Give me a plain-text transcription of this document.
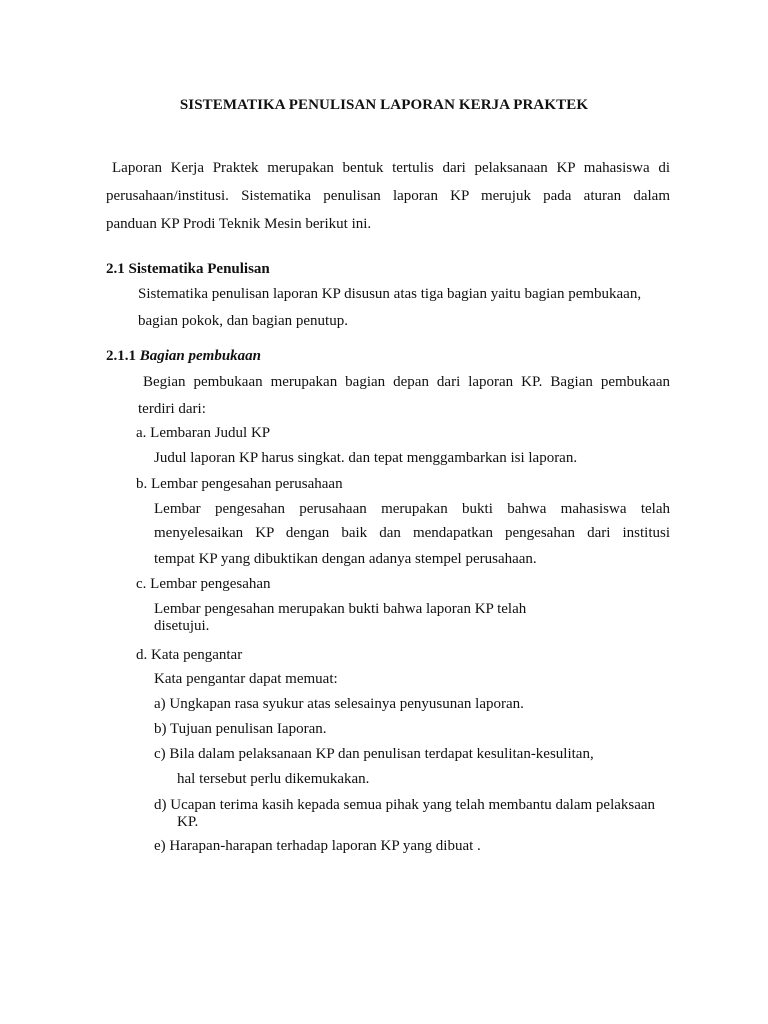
SISTEMATIKA PENULISAN LAPORAN KERJA PRAKTEK
Laporan Kerja Praktek merupakan bentuk tertulis dari pelaksanaan KP mahasiswa di
perusahaan/institusi. Sistematika penulisan laporan KP merujuk pada aturan dalam
panduan KP Prodi Teknik Mesin berikut ini.
2.1 Sistematika Penulisan
Sistematika penulisan laporan KP disusun atas tiga bagian yaitu bagian pembukaan,
bagian pokok, dan bagian penutup.
2.1.1 Bagian pembukaan
Begian pembukaan merupakan bagian depan dari laporan KP. Bagian pembukaan
terdiri dari:
a. Lembaran Judul KP
Judul laporan KP harus singkat. dan tepat menggambarkan isi laporan.
b. Lembar pengesahan perusahaan
Lembar pengesahan perusahaan merupakan bukti bahwa mahasiswa telah
menyelesaikan KP dengan baik dan mendapatkan pengesahan dari institusi
tempat KP yang dibuktikan dengan adanya stempel perusahaan.
c. Lembar pengesahan
Lembar pengesahan merupakan bukti bahwa laporan KP telah
disetujui.
d. Kata pengantar
Kata pengantar dapat memuat:
a) Ungkapan rasa syukur atas selesainya penyusunan laporan.
b) Tujuan penulisan Iaporan.
c) Bila dalam pelaksanaan KP dan penulisan terdapat kesulitan-kesulitan,
hal tersebut perlu dikemukakan.
d) Ucapan terima kasih kepada semua pihak yang telah membantu dalam pelaksaan
KP.
e) Harapan-harapan terhadap laporan KP yang dibuat .
